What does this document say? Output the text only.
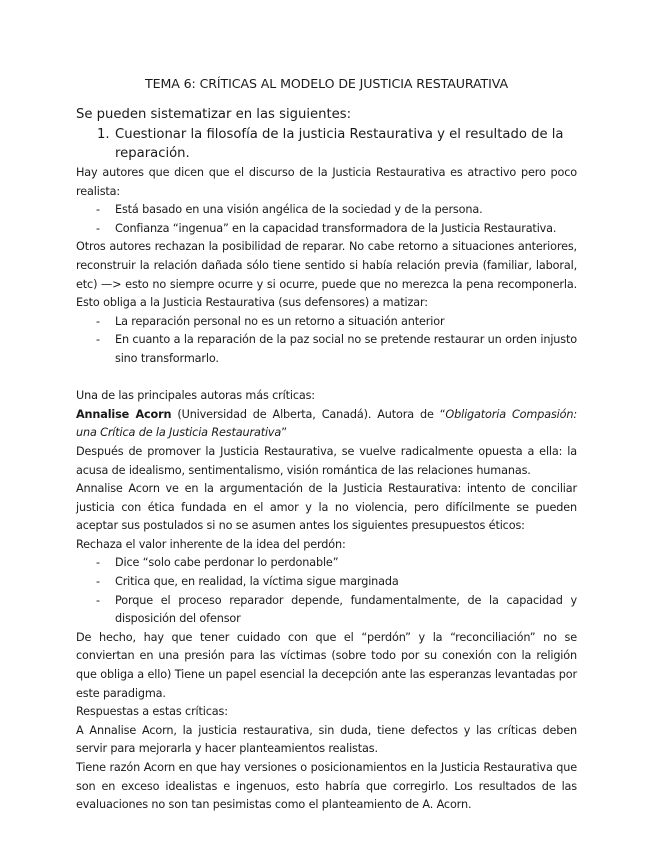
TEMA 6: CRÍTICAS AL MODELO DE JUSTICIA RESTAURATIVA
Se pueden sistematizar en las siguientes:
1. Cuestionar la filosofía de la justicia Restaurativa y el resultado de la reparación.

Hay autores que dicen que el discurso de la Justicia Restaurativa es atractivo pero poco realista:

-	Está basado en una visión angélica de la sociedad y de la persona.
-	Confianza “ingenua” en la capacidad transformadora de la Justicia Restaurativa.

Otros autores rechazan la posibilidad de reparar. No cabe retorno a situaciones anteriores, reconstruir la relación dañada sólo tiene sentido si había relación previa (familiar, laboral, etc) —> esto no siempre ocurre y si ocurre, puede que no merezca la pena recomponerla. Esto obliga a la Justicia Restaurativa (sus defensores) a matizar:

-	La reparación personal no es un retorno a situación anterior
-	En cuanto a la reparación de la paz social no se pretende restaurar un orden injusto sino transformarlo.

Una de las principales autoras más críticas:

Annalise Acorn (Universidad de Alberta, Canadá). Autora de “Obligatoria Compasión: una Crítica de la Justicia Restaurativa”

Después de promover la Justicia Restaurativa, se vuelve radicalmente opuesta a ella: la acusa de idealismo, sentimentalismo, visión romántica de las relaciones humanas.

Annalise Acorn ve en la argumentación de la Justicia Restaurativa: intento de conciliar justicia con ética fundada en el amor y la no violencia, pero difícilmente se pueden aceptar sus postulados si no se asumen antes los siguientes presupuestos éticos:

Rechaza el valor inherente de la idea del perdón:

-	Dice “solo cabe perdonar lo perdonable”
-	Critica que, en realidad, la víctima sigue marginada
-	Porque el proceso reparador depende, fundamentalmente, de la capacidad y disposición del ofensor

De hecho, hay que tener cuidado con que el “perdón” y la “reconciliación” no se conviertan en una presión para las víctimas (sobre todo por su conexión con la religión que obliga a ello) Tiene un papel esencial la decepción ante las esperanzas levantadas por este paradigma.

Respuestas a estas críticas:

A Annalise Acorn, la justicia restaurativa, sin duda, tiene defectos y las críticas deben servir para mejorarla y hacer planteamientos realistas.

Tiene razón Acorn en que hay versiones o posicionamientos en la Justicia Restaurativa que son en exceso idealistas e ingenuos, esto habría que corregirlo. Los resultados de las evaluaciones no son tan pesimistas como el planteamiento de A. Acorn.
